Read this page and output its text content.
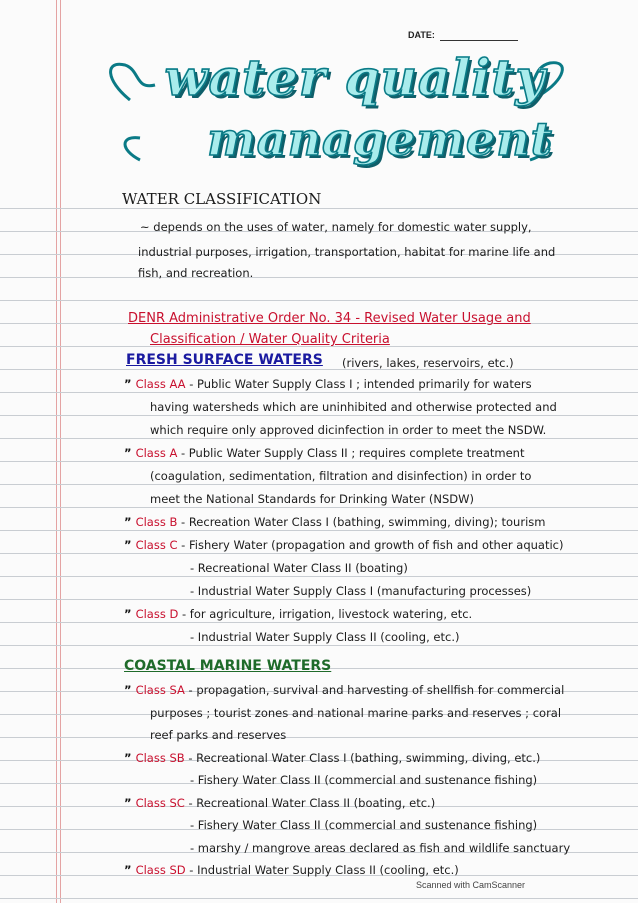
DATE:
water quality
management
WATER CLASSIFICATION
~ depends on the uses of water, namely for domestic water supply,
industrial purposes, irrigation, transportation, habitat for marine life and
fish, and recreation.
DENR Administrative Order No. 34 - Revised Water Usage and
Classification / Water Quality Criteria
FRESH SURFACE WATERS (rivers, lakes, reservoirs, etc.)
” Class AA - Public Water Supply Class I ; intended primarily for waters
having watersheds which are uninhibited and otherwise protected and
which require only approved dicinfection in order to meet the NSDW.
” Class A - Public Water Supply Class II ; requires complete treatment
(coagulation, sedimentation, filtration and disinfection) in order to
meet the National Standards for Drinking Water (NSDW)
” Class B - Recreation Water Class I (bathing, swimming, diving); tourism
” Class C - Fishery Water (propagation and growth of fish and other aquatic)
- Recreational Water Class II (boating)
- Industrial Water Supply Class I (manufacturing processes)
” Class D - for agriculture, irrigation, livestock watering, etc.
- Industrial Water Supply Class II (cooling, etc.)
COASTAL MARINE WATERS
” Class SA - propagation, survival and harvesting of shellfish for commercial
purposes ; tourist zones and national marine parks and reserves ; coral
reef parks and reserves
” Class SB - Recreational Water Class I (bathing, swimming, diving, etc.)
- Fishery Water Class II (commercial and sustenance fishing)
” Class SC - Recreational Water Class II (boating, etc.)
- Fishery Water Class II (commercial and sustenance fishing)
- marshy / mangrove areas declared as fish and wildlife sanctuary
” Class SD - Industrial Water Supply Class II (cooling, etc.)
Scanned with CamScanner
